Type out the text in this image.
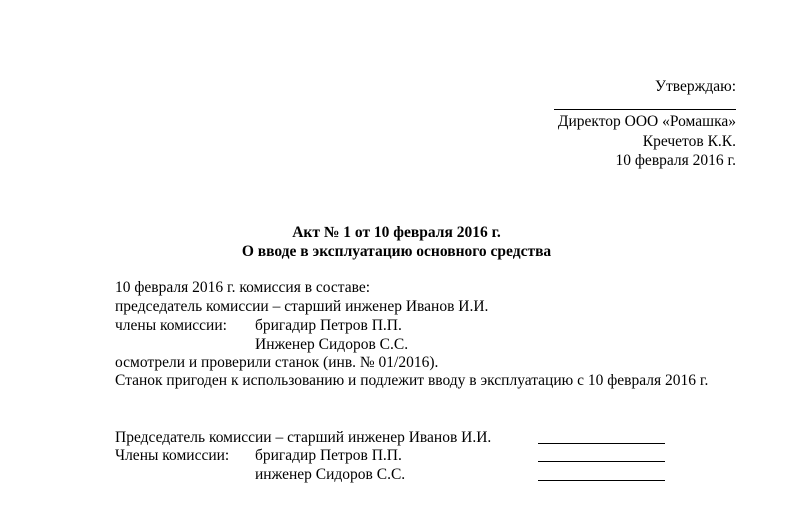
Утверждаю:
Директор ООО «Ромашка»
Кречетов К.К.
10 февраля 2016 г.
Акт № 1 от 10 февраля 2016 г.
О вводе в эксплуатацию основного средства
10 февраля 2016 г. комиссия в составе:
председатель комиссии – старший инженер Иванов И.И.
члены комиссии: бригадир Петров П.П.
Инженер Сидоров С.С.
осмотрели и проверили станок (инв. № 01/2016).
Станок пригоден к использованию и подлежит вводу в эксплуатацию с 10 февраля 2016 г.
Председатель комиссии – старший инженер Иванов И.И.
Члены комиссии: бригадир Петров П.П.
инженер Сидоров С.С.
